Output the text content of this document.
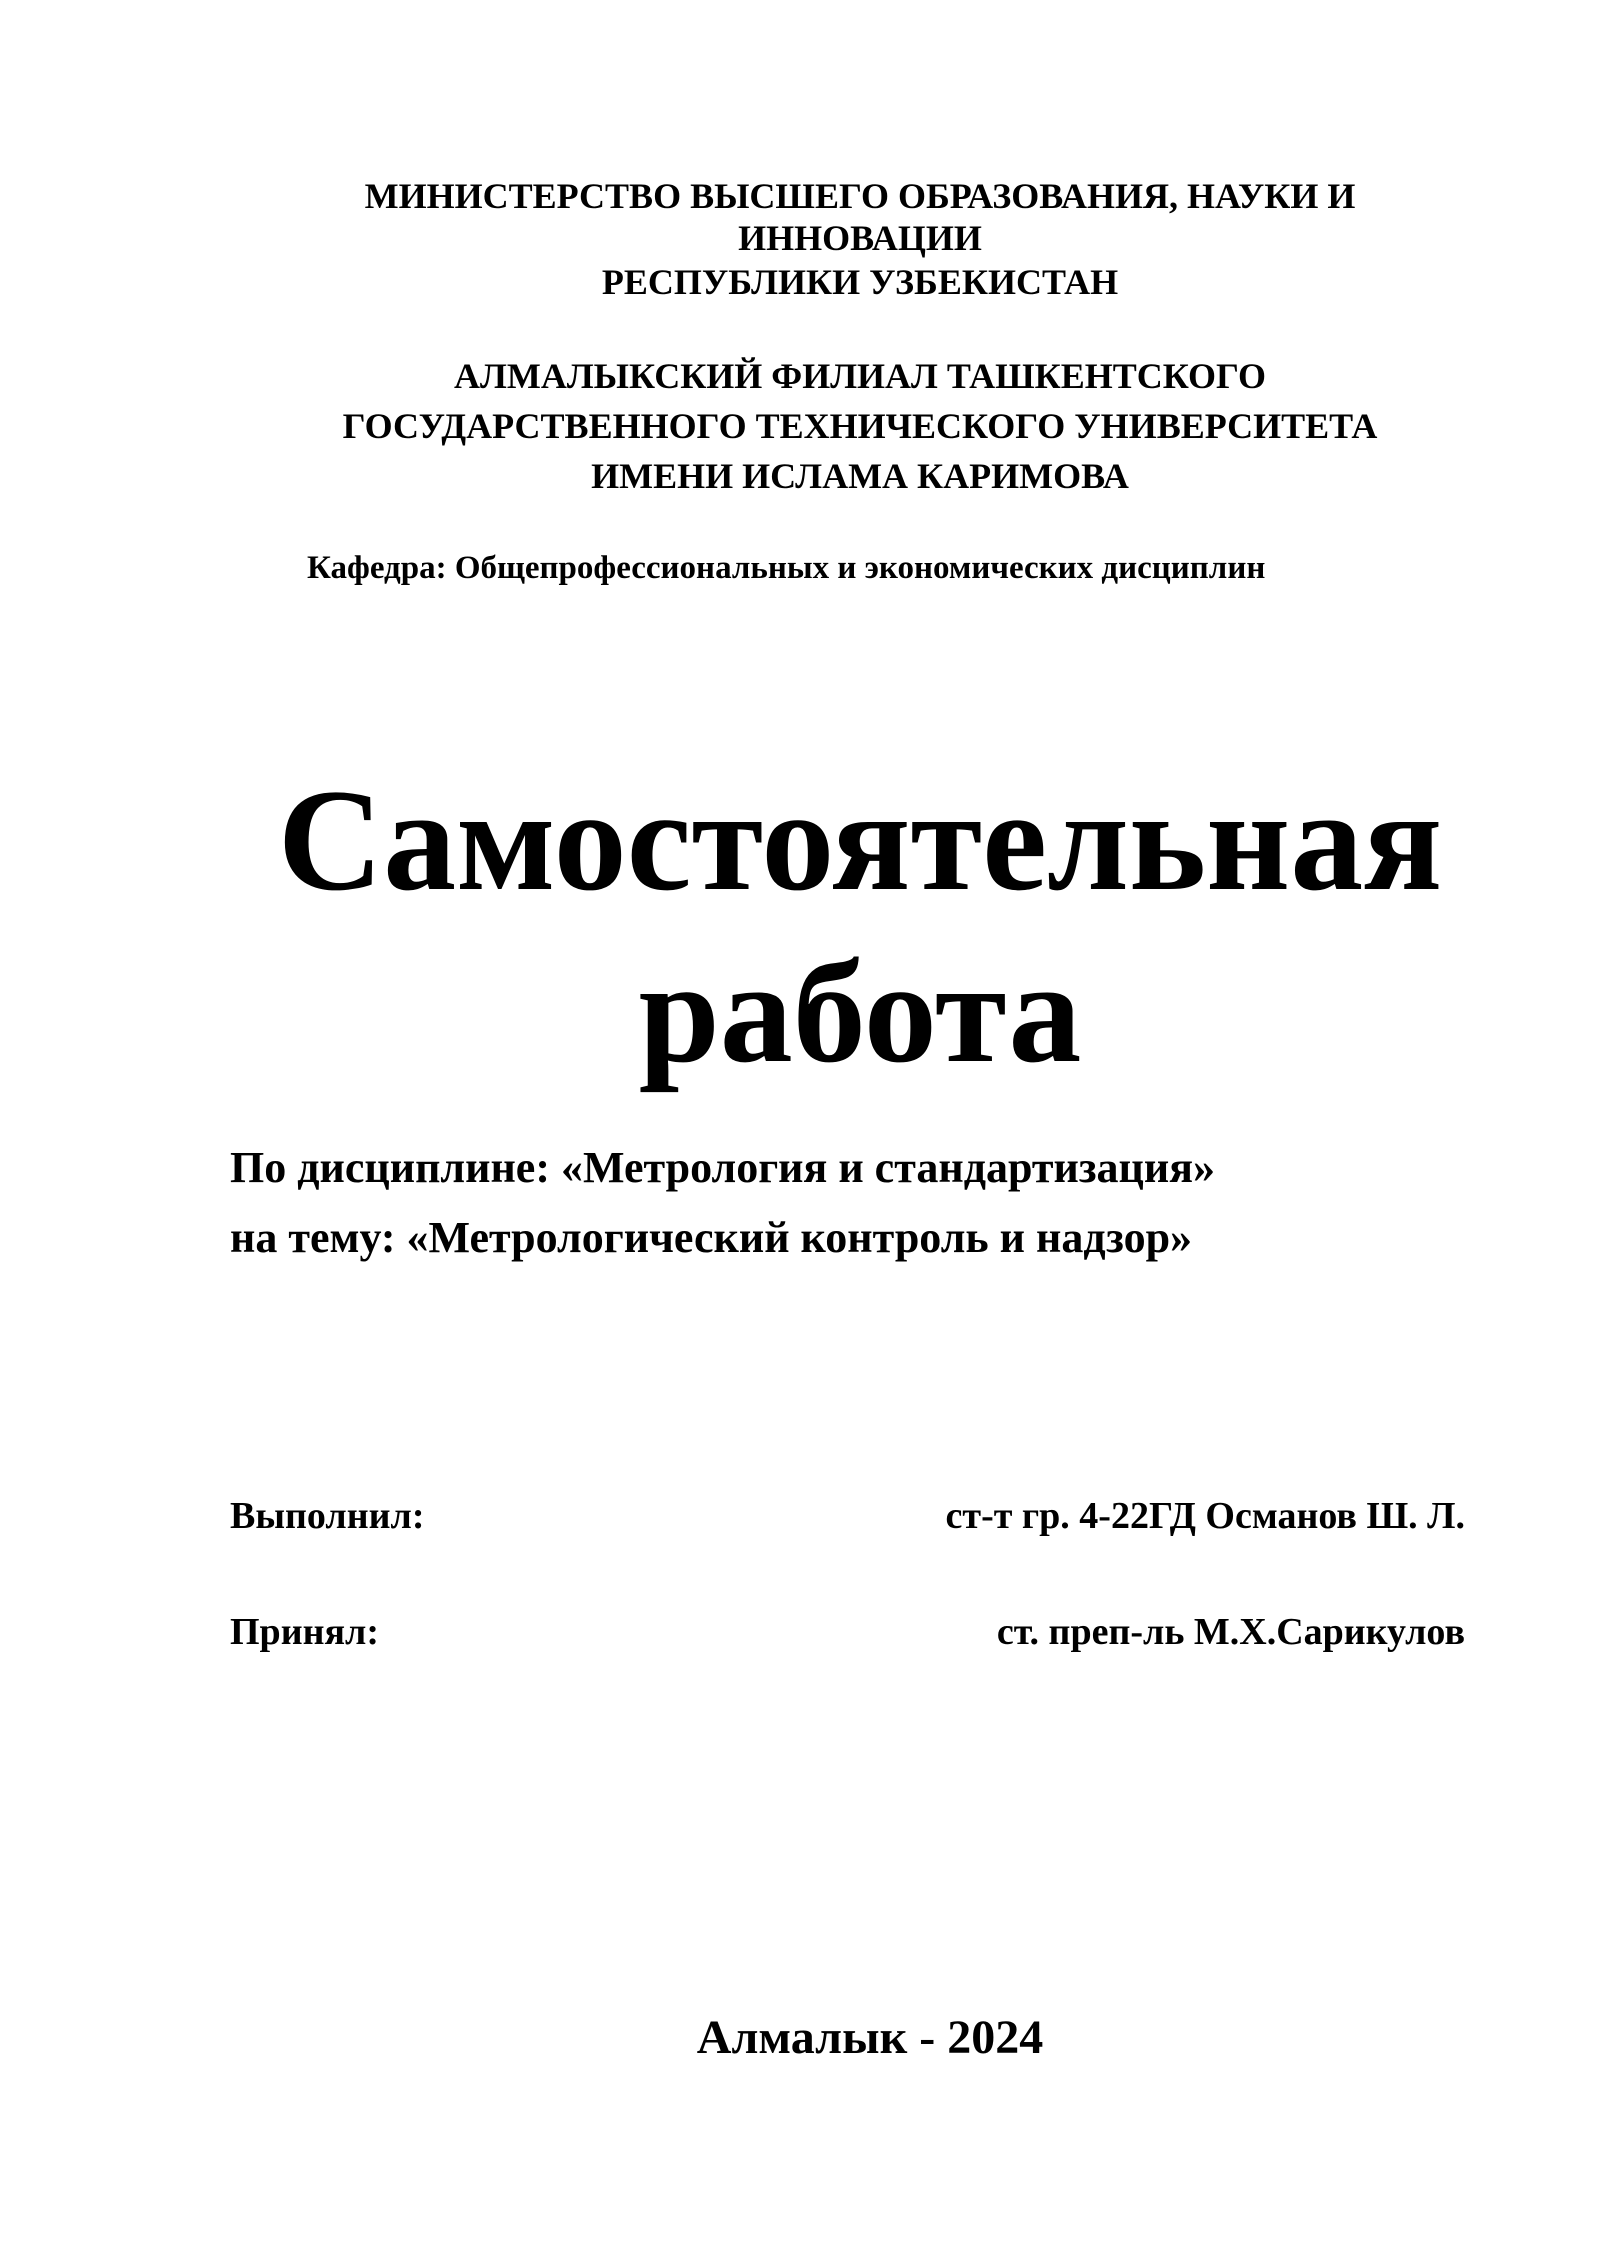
МИНИСТЕРСТВО ВЫСШЕГО ОБРАЗОВАНИЯ, НАУКИ И

ИННОВАЦИИ

РЕСПУБЛИКИ УЗБЕКИСТАН

АЛМАЛЫКСКИЙ ФИЛИАЛ ТАШКЕНТСКОГО

ГОСУДАРСТВЕННОГО ТЕХНИЧЕСКОГО УНИВЕРСИТЕТА

ИМЕНИ ИСЛАМА КАРИМОВА

Кафедра: Общепрофессиональных и экономических дисциплин

Самостоятельная

работа

По дисциплине: «Метрология и стандартизация»

на тему: «Метрологический контроль и надзор»

Выполнил:	ст-т гр. 4-22ГД Османов Ш. Л.

Принял:	ст. преп-ль М.Х.Сарикулов

Алмалык - 2024
